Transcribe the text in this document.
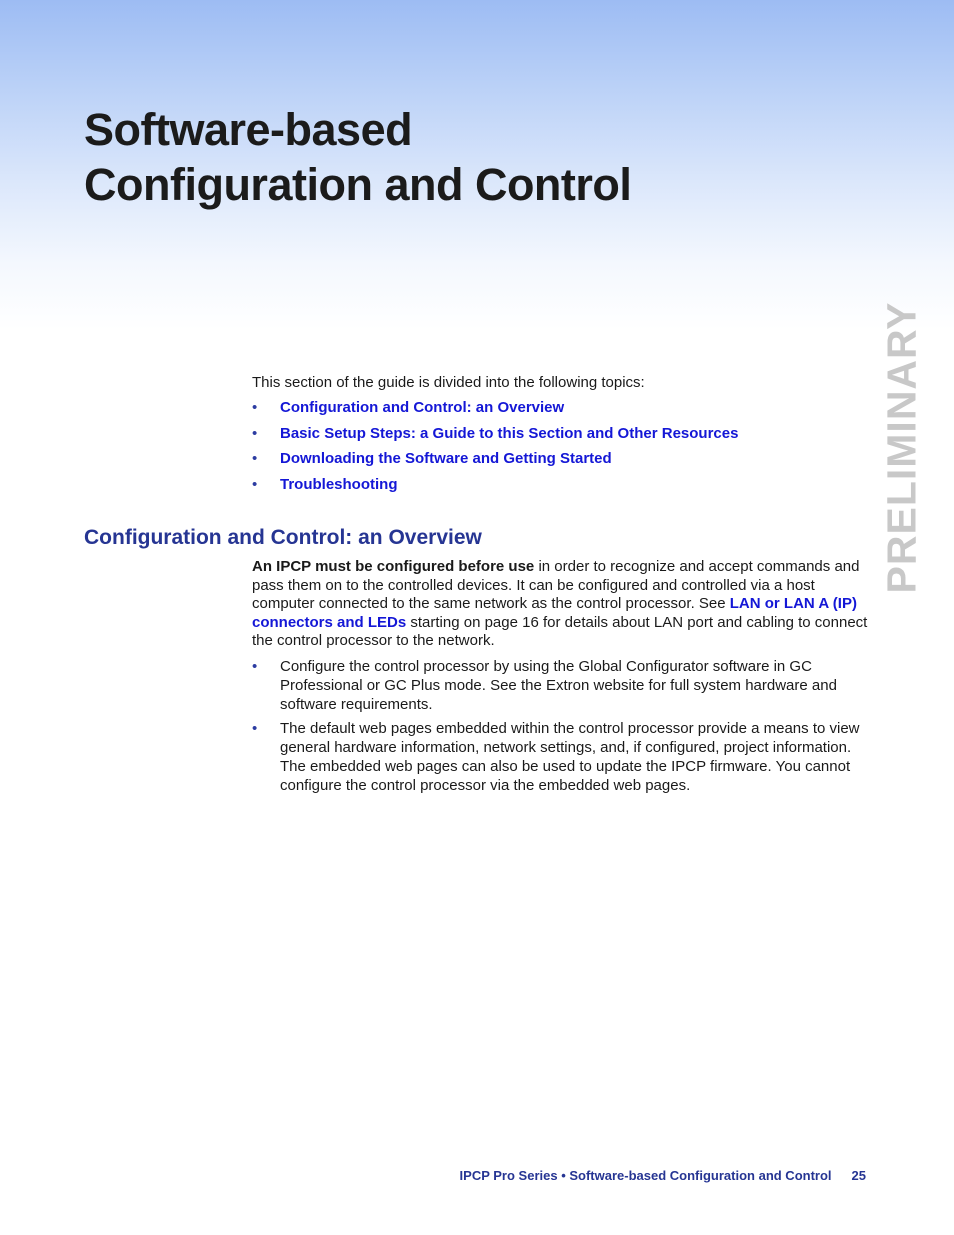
Software-based Configuration and Control
PRELIMINARY

This section of the guide is divided into the following topics:

• Configuration and Control: an Overview
• Basic Setup Steps: a Guide to this Section and Other Resources
• Downloading the Software and Getting Started
• Troubleshooting
Configuration and Control: an Overview

An IPCP must be configured before use in order to recognize and accept commands and pass them on to the controlled devices. It can be configured and controlled via a host computer connected to the same network as the control processor. See LAN or LAN A (IP) connectors and LEDs starting on page 16 for details about LAN port and cabling to connect the control processor to the network.

• Configure the control processor by using the Global Configurator software in GC Professional or GC Plus mode. See the Extron website for full system hardware and software requirements.
• The default web pages embedded within the control processor provide a means to view general hardware information, network settings, and, if configured, project information. The embedded web pages can also be used to update the IPCP firmware. You cannot configure the control processor via the embedded web pages.
IPCP Pro Series • Software-based Configuration and Control 25
